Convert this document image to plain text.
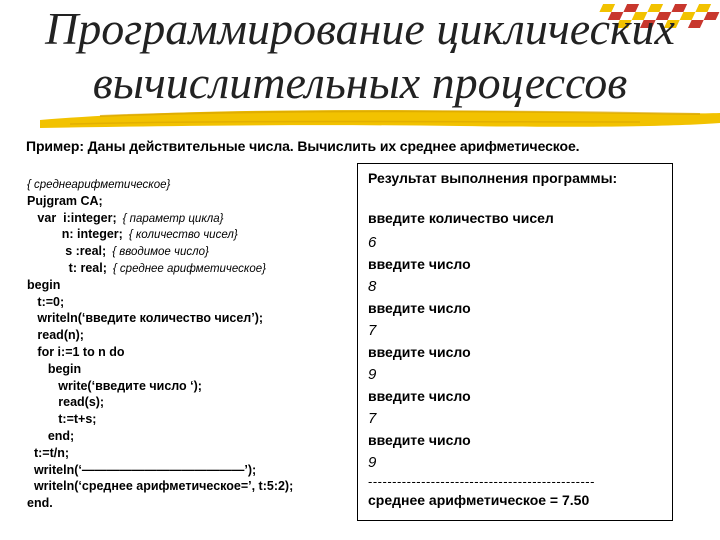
Программирование циклических
вычислительных процессов
Пример: Даны действительные числа. Вычислить их среднее арифметическое.
{ среднеарифметическое}
Pujgram CA;
var  i:integer; { параметр цикла}
n: integer; { количество чисел}
s :real; { вводимое число}
t: real; { среднее арифметическое}
begin
t:=0;
writeln(‘введите количество чисел’);
read(n);
for i:=1 to n do
begin
write(‘введите число ‘);
read(s);
t:=t+s;
end;
t:=t/n;
writeln(‘—————————————’);
writeln(‘среднее арифметическое=’, t:5:2);
end.
Результат выполнения программы:
введите количество чисел
6
введите число
8
введите число
7
введите число
9
введите число
7
введите число
9
-----------------------------------------------
среднее арифметическое = 7.50
